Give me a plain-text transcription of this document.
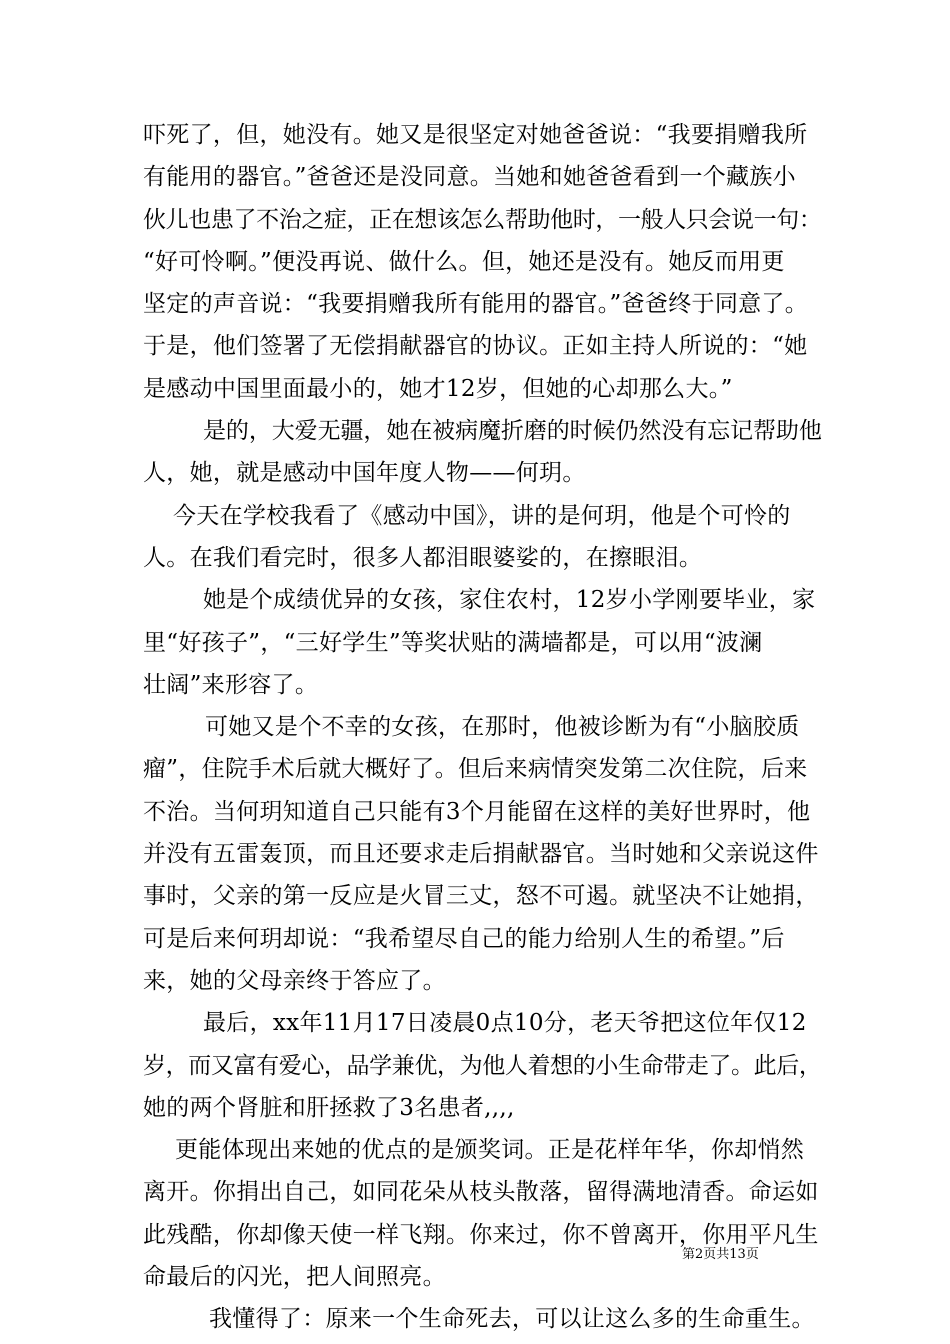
吓死了，但，她没有。她又是很坚定对她爸爸说：“我要捐赠我所
有能用的器官。”爸爸还是没同意。当她和她爸爸看到一个藏族小
伙儿也患了不治之症，正在想该怎么帮助他时，一般人只会说一句：
“好可怜啊。”便没再说、做什么。但，她还是没有。她反而用更
坚定的声音说：“我要捐赠我所有能用的器官。”爸爸终于同意了。
于是，他们签署了无偿捐献器官的协议。正如主持人所说的：“她
是感动中国里面最小的，她才12岁，但她的心却那么大。”
是的，大爱无疆，她在被病魔折磨的时候仍然没有忘记帮助他
人，她，就是感动中国年度人物——何玥。
今天在学校我看了《感动中国》，讲的是何玥，他是个可怜的
人。在我们看完时，很多人都泪眼婆娑的，在擦眼泪。
她是个成绩优异的女孩，家住农村，12岁小学刚要毕业，家
里“好孩子”，“三好学生”等奖状贴的满墙都是，可以用“波澜
壮阔”来形容了。
可她又是个不幸的女孩，在那时，他被诊断为有“小脑胶质
瘤”，住院手术后就大概好了。但后来病情突发第二次住院，后来
不治。当何玥知道自己只能有3个月能留在这样的美好世界时，他
并没有五雷轰顶，而且还要求走后捐献器官。当时她和父亲说这件
事时，父亲的第一反应是火冒三丈，怒不可遏。就坚决不让她捐，
可是后来何玥却说：“我希望尽自己的能力给别人生的希望。”后
来，她的父母亲终于答应了。
最后，xx年11月17日凌晨0点10分，老天爷把这位年仅12
岁，而又富有爱心，品学兼优，为他人着想的小生命带走了。此后，
她的两个肾脏和肝拯救了3名患者,,,,
更能体现出来她的优点的是颁奖词。正是花样年华，你却悄然
离开。你捐出自己，如同花朵从枝头散落，留得满地清香。命运如
此残酷，你却像天使一样飞翔。你来过，你不曾离开，你用平凡生
命最后的闪光，把人间照亮。
我懂得了：原来一个生命死去，可以让这么多的生命重生。
第2页共13页
